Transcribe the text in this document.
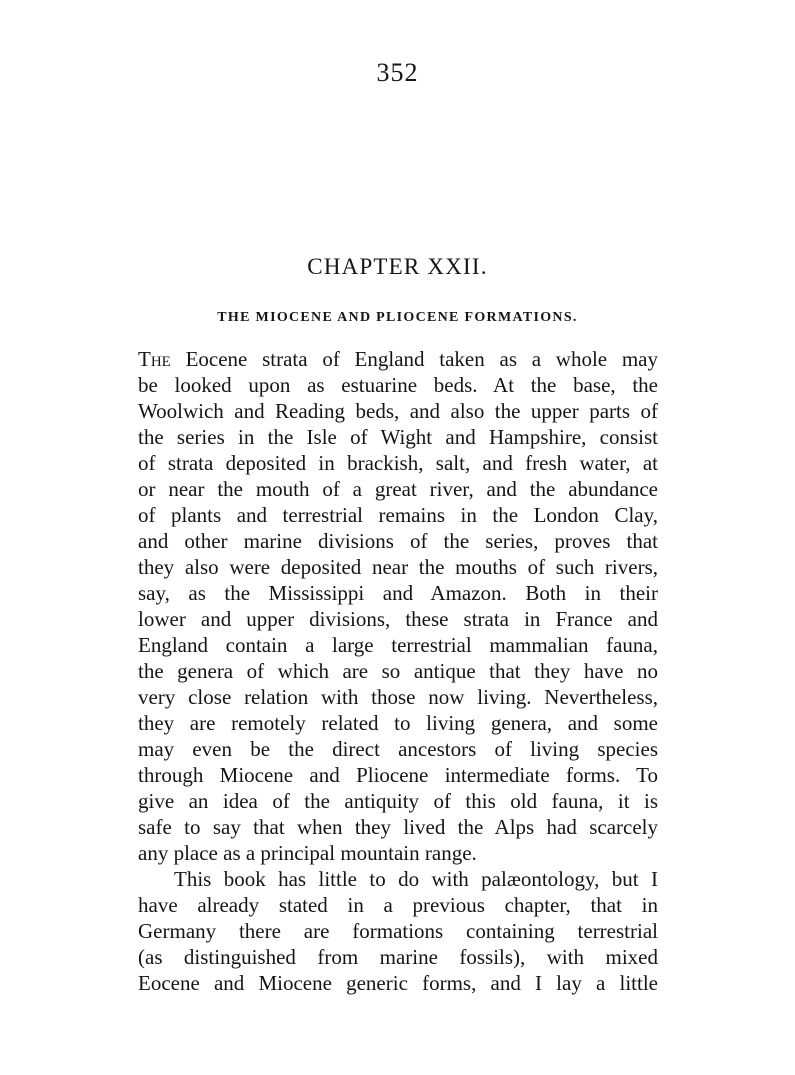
352
CHAPTER XXII.
THE MIOCENE AND PLIOCENE FORMATIONS.
The Eocene strata of England taken as a whole may
be looked upon as estuarine beds. At the base, the
Woolwich and Reading beds, and also the upper parts of
the series in the Isle of Wight and Hampshire, consist
of strata deposited in brackish, salt, and fresh water, at
or near the mouth of a great river, and the abundance
of plants and terrestrial remains in the London Clay,
and other marine divisions of the series, proves that
they also were deposited near the mouths of such rivers,
say, as the Mississippi and Amazon. Both in their
lower and upper divisions, these strata in France and
England contain a large terrestrial mammalian fauna,
the genera of which are so antique that they have no
very close relation with those now living. Nevertheless,
they are remotely related to living genera, and some
may even be the direct ancestors of living species
through Miocene and Pliocene intermediate forms. To
give an idea of the antiquity of this old fauna, it is
safe to say that when they lived the Alps had scarcely
any place as a principal mountain range.
This book has little to do with palæontology, but I
have already stated in a previous chapter, that in
Germany there are formations containing terrestrial
(as distinguished from marine fossils), with mixed
Eocene and Miocene generic forms, and I lay a little
